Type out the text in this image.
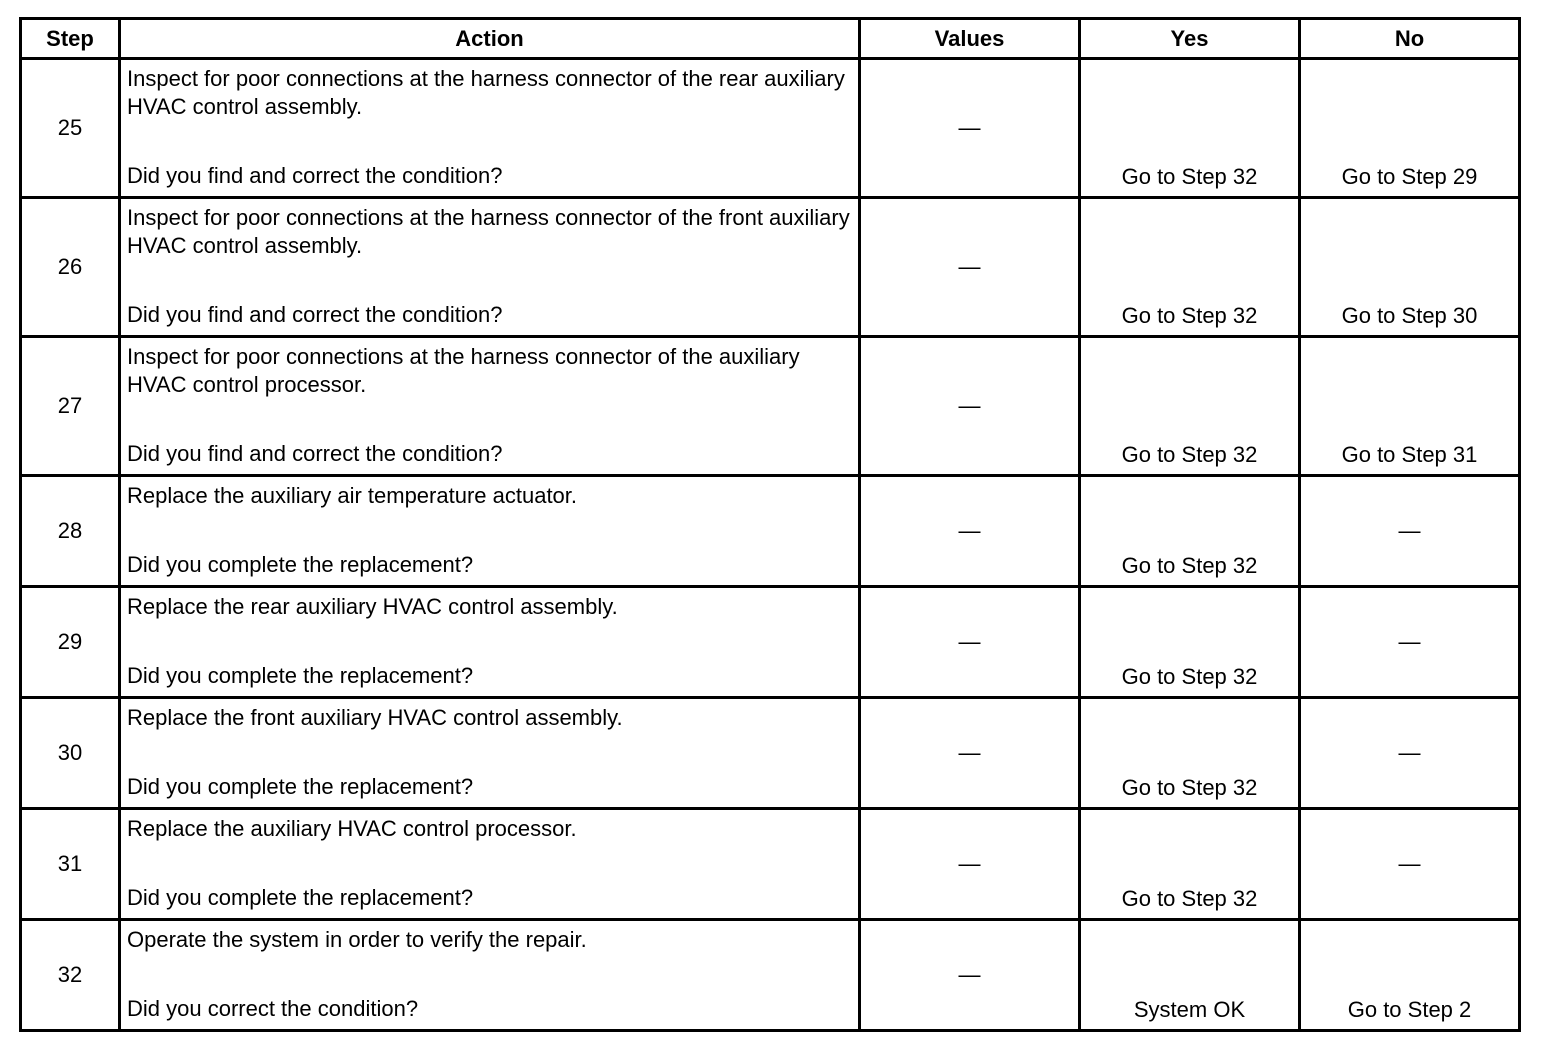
Step	Action	Values	Yes	No
25	Inspect for poor connections at the harness connector of the rear auxiliary HVAC control assembly.
Did you find and correct the condition?	—	Go to Step 32	Go to Step 29
26	Inspect for poor connections at the harness connector of the front auxiliary HVAC control assembly.
Did you find and correct the condition?	—	Go to Step 32	Go to Step 30
27	Inspect for poor connections at the harness connector of the auxiliary HVAC control processor.
Did you find and correct the condition?	—	Go to Step 32	Go to Step 31
28	Replace the auxiliary air temperature actuator.
Did you complete the replacement?	—	Go to Step 32	—
29	Replace the rear auxiliary HVAC control assembly.
Did you complete the replacement?	—	Go to Step 32	—
30	Replace the front auxiliary HVAC control assembly.
Did you complete the replacement?	—	Go to Step 32	—
31	Replace the auxiliary HVAC control processor.
Did you complete the replacement?	—	Go to Step 32	—
32	Operate the system in order to verify the repair.
Did you correct the condition?	—	System OK	Go to Step 2
